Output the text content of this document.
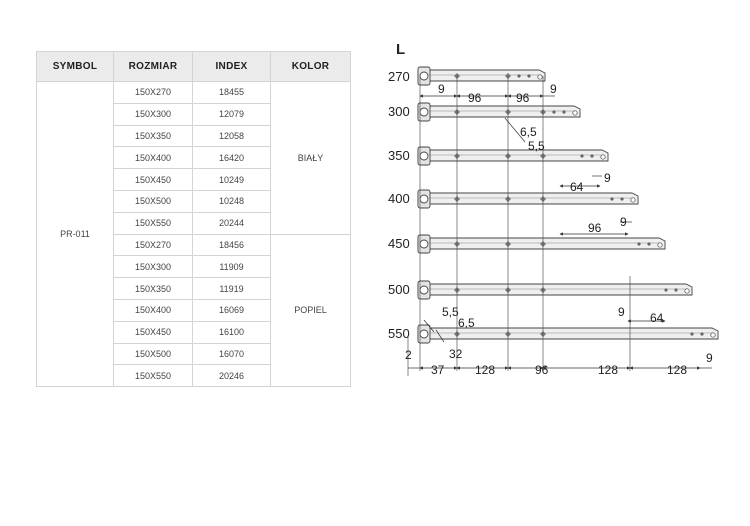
SYMBOL	ROZMIAR	INDEX	KOLOR
PR-011	150X270	18455	BIAŁY
	150X300	12079	
	150X350	12058	
	150X400	16420	
	150X450	10249	
	150X500	10248	
	150X550	20244	
	150X270	18456	POPIEL
	150X300	11909	
	150X350	11919	
	150X400	16069	
	150X450	16100	
	150X500	16070	
	150X550	20246	
L
270
300
350
400
450
500
550
9
96	96
9
6,5
5,5
64
9
96 9
9 64
5,5
6,5
2
37
32
128	96	128	128
9
